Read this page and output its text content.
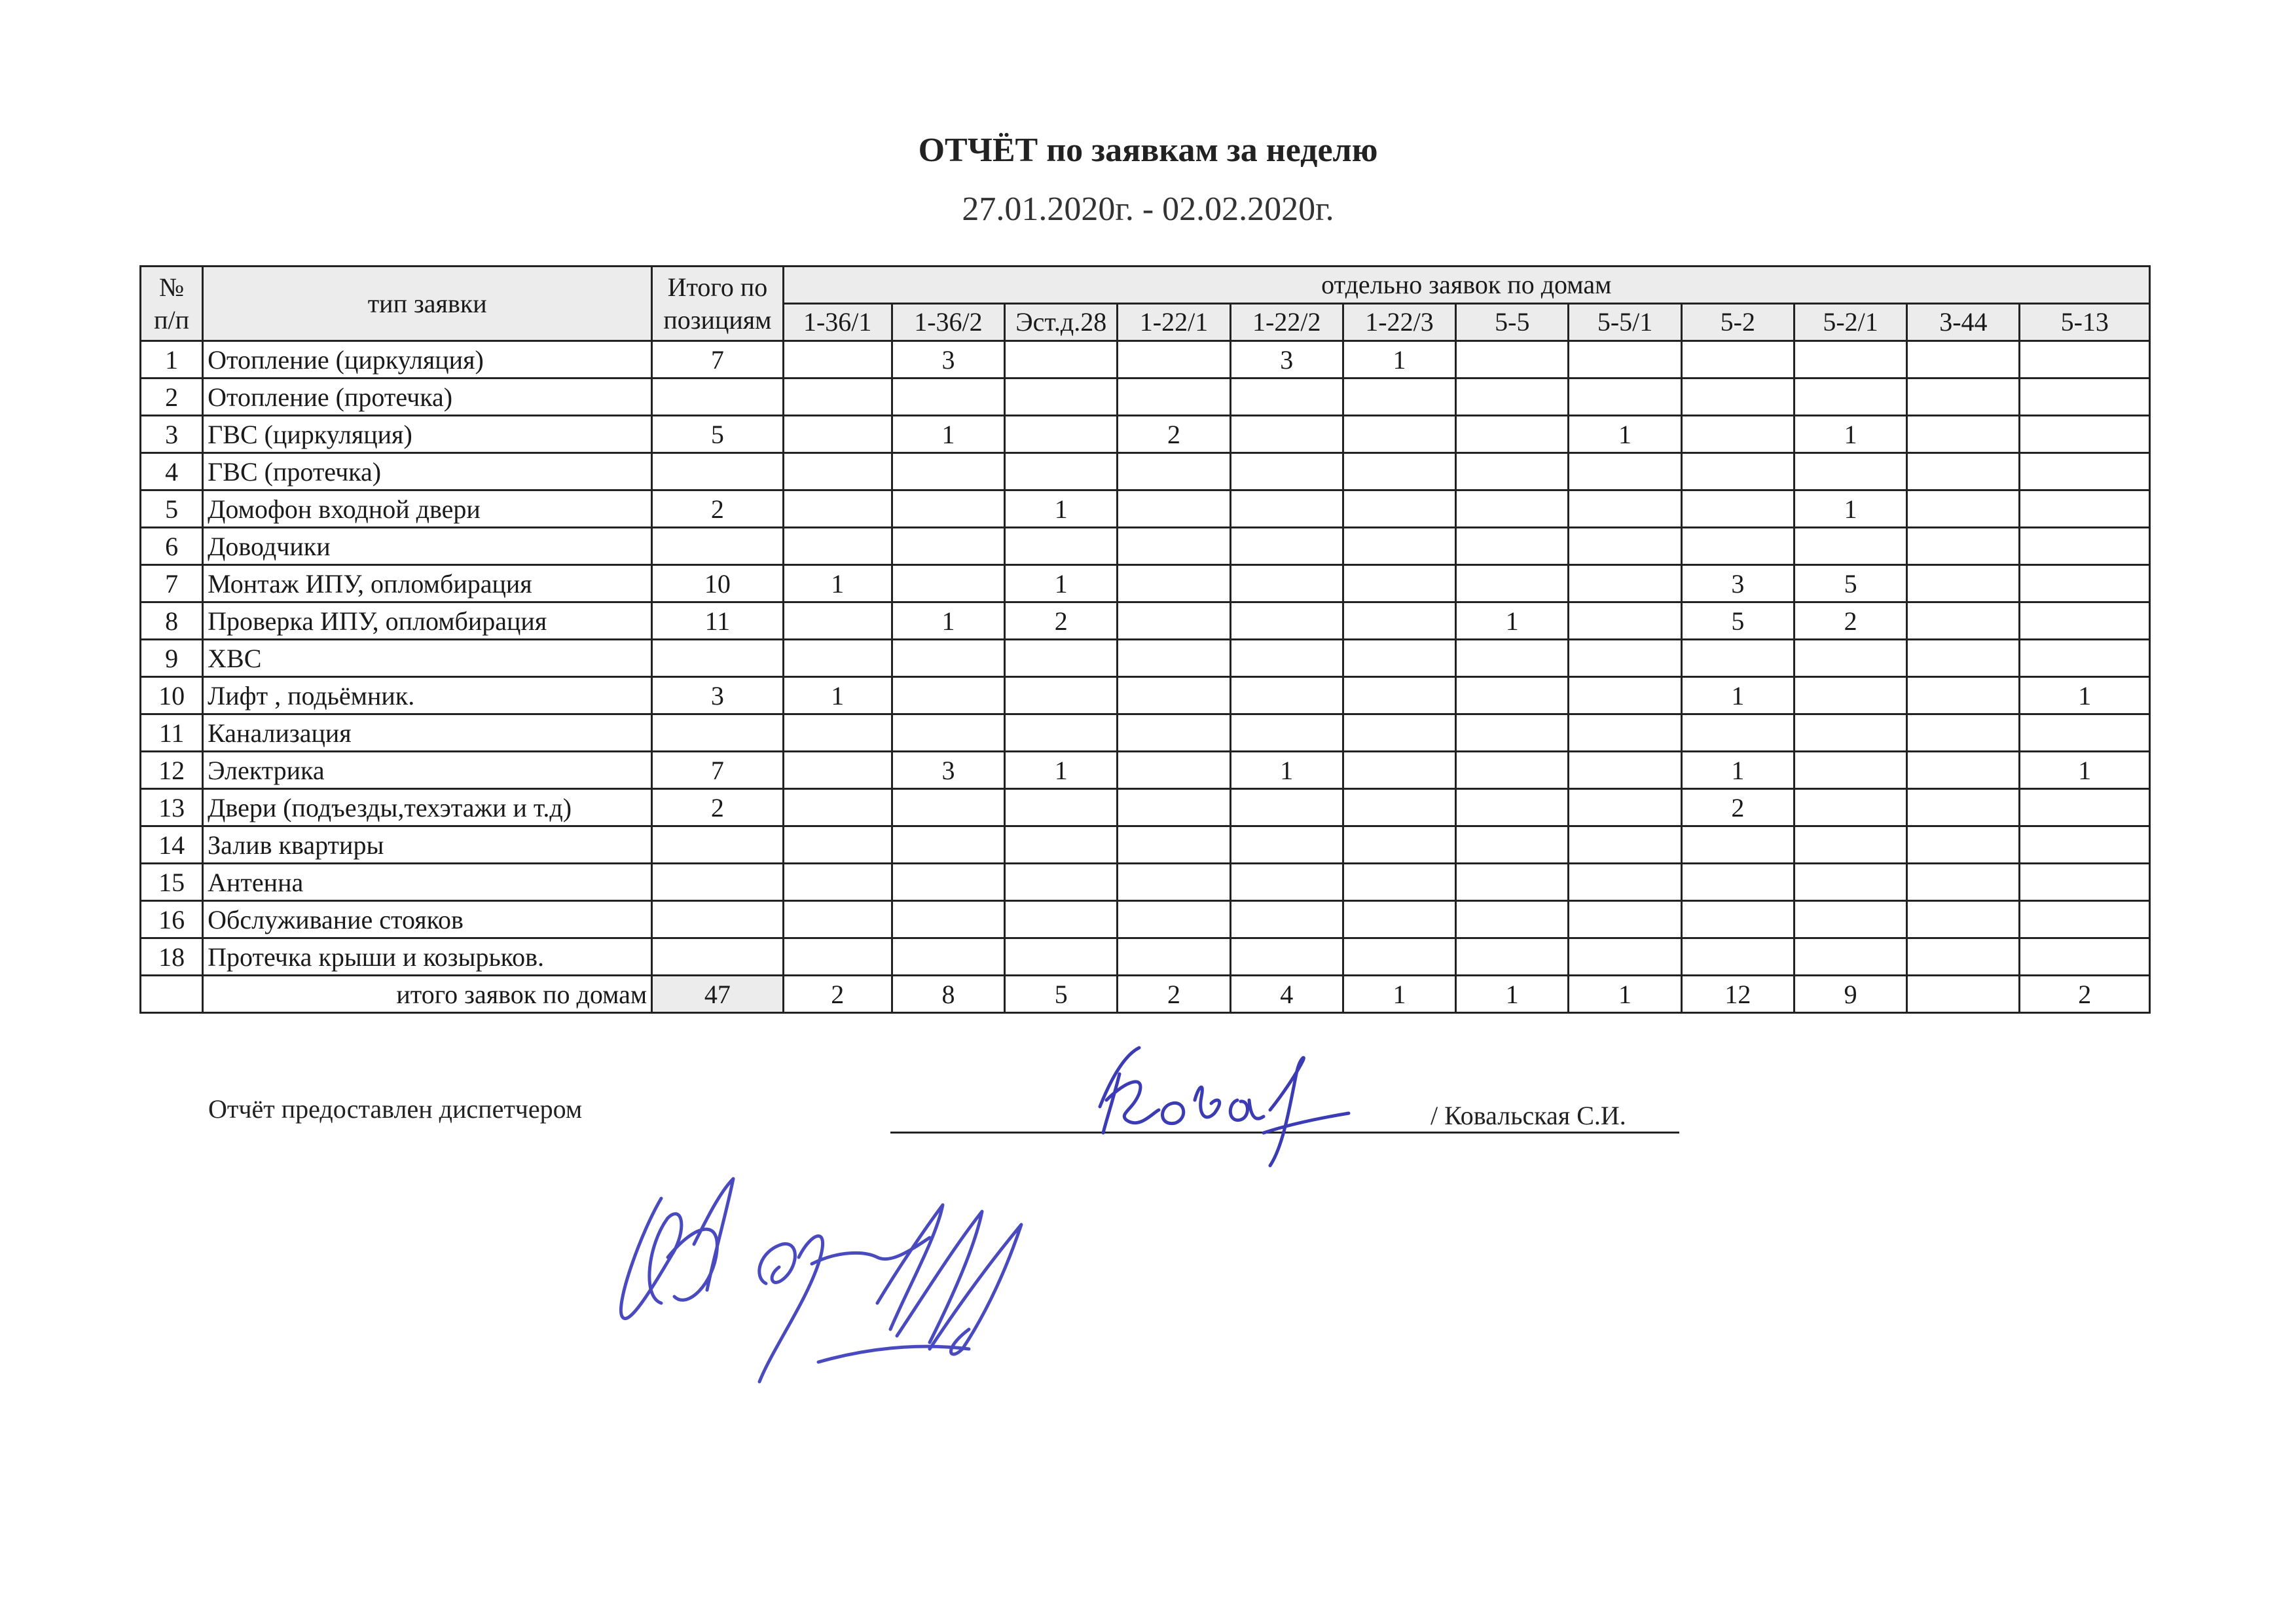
ОТЧЁТ по заявкам за неделю
27.01.2020г. - 02.02.2020г.
№ п/п	тип заявки	Итого по позициям	отдельно заявок по домам											
			1-36/1	1-36/2	Эст.д.28	1-22/1	1-22/2	1-22/3	5-5	5-5/1	5-2	5-2/1	3-44	5-13
1	Отопление (циркуляция)	7		3			3	1						
2	Отопление (протечка)													
3	ГВС (циркуляция)	5		1		2				1		1		
4	ГВС (протечка)													
5	Домофон входной двери	2			1							1		
6	Доводчики													
7	Монтаж ИПУ, опломбирация	10	1		1						3	5		
8	Проверка ИПУ, опломбирация	11		1	2				1		5	2		
9	ХВС													
10	Лифт , подьёмник.	3	1								1			1
11	Канализация													
12	Электрика	7		3	1		1				1			1
13	Двери (подъезды,техэтажи и т.д)	2									2			
14	Залив квартиры													
15	Антенна													
16	Обслуживание стояков													
18	Протечка крыши и козырьков.													
	итого заявок по домам	47	2	8	5	2	4	1	1	1	12	9		2
Отчёт предоставлен диспетчером	/ Ковальская С.И.
